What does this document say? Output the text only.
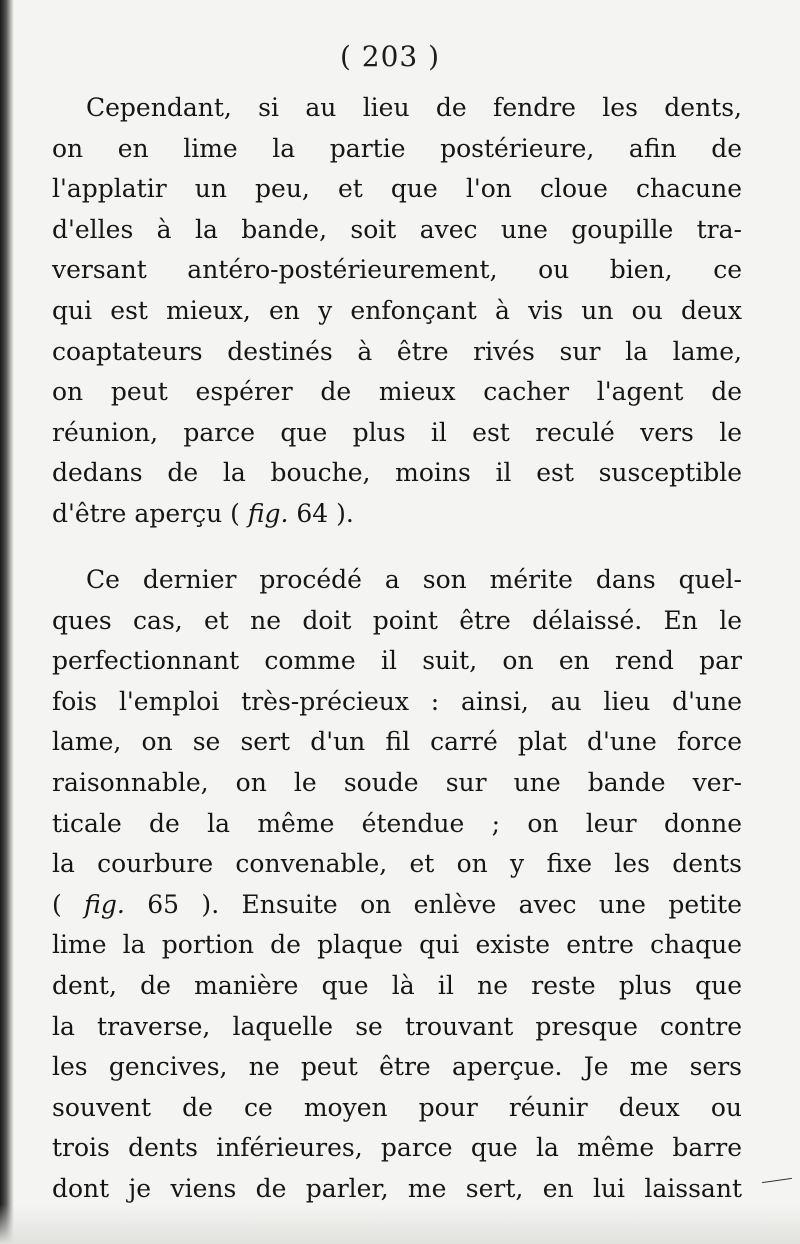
( 203 )
Cependant, si au lieu de fendre les dents,
on en lime la partie postérieure, afin de
l'applatir un peu, et que l'on cloue chacune
d'elles à la bande, soit avec une goupille tra-
versant antéro-postérieurement, ou bien, ce
qui est mieux, en y enfonçant à vis un ou deux
coaptateurs destinés à être rivés sur la lame,
on peut espérer de mieux cacher l'agent de
réunion, parce que plus il est reculé vers le
dedans de la bouche, moins il est susceptible
d'être aperçu ( fig. 64 ).
Ce dernier procédé a son mérite dans quel-
ques cas, et ne doit point être délaissé. En le
perfectionnant comme il suit, on en rend par
fois l'emploi très-précieux : ainsi, au lieu d'une
lame, on se sert d'un fil carré plat d'une force
raisonnable, on le soude sur une bande ver-
ticale de la même étendue ; on leur donne
la courbure convenable, et on y fixe les dents
( fig. 65 ). Ensuite on enlève avec une petite
lime la portion de plaque qui existe entre chaque
dent, de manière que là il ne reste plus que
la traverse, laquelle se trouvant presque contre
les gencives, ne peut être aperçue. Je me sers
souvent de ce moyen pour réunir deux ou
trois dents inférieures, parce que la même barre
dont je viens de parler, me sert, en lui laissant
